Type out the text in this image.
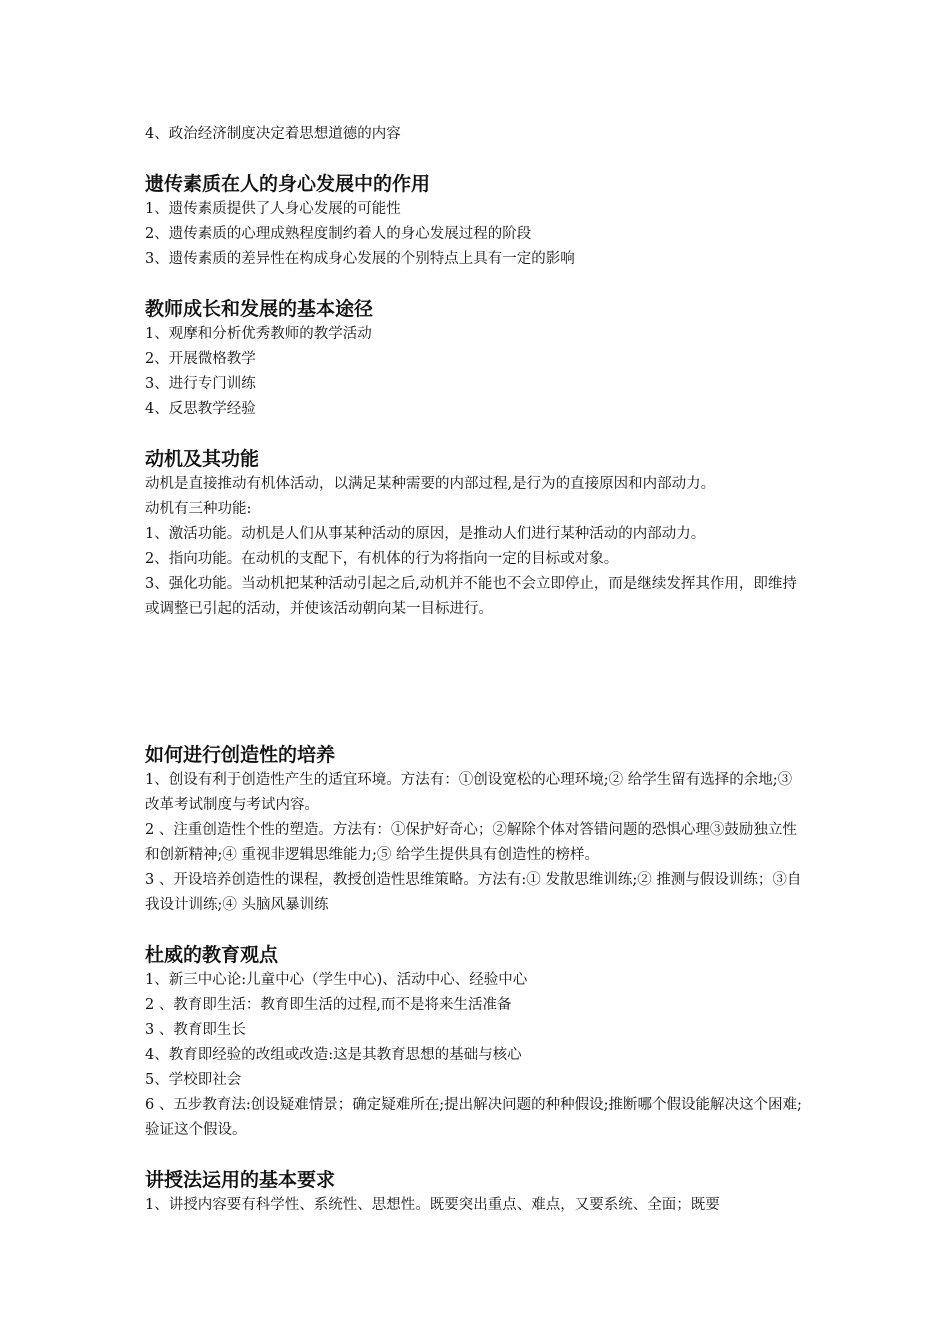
4、政治经济制度决定着思想道德的内容

遗传素质在人的身心发展中的作用

1、遗传素质提供了人身心发展的可能性

2、遗传素质的心理成熟程度制约着人的身心发展过程的阶段

3、遗传素质的差异性在构成身心发展的个别特点上具有一定的影响

教师成长和发展的基本途径

1、观摩和分析优秀教师的教学活动

2、开展微格教学

3、进行专门训练

4、反思教学经验

动机及其功能

动机是直接推动有机体活动，以满足某种需要的内部过程,是行为的直接原因和内部动力。

动机有三种功能:

1、激活功能。动机是人们从事某种活动的原因，是推动人们进行某种活动的内部动力。

2、指向功能。在动机的支配下，有机体的行为将指向一定的目标或对象。

3、强化功能。当动机把某种活动引起之后,动机并不能也不会立即停止，而是继续发挥其作用，即维持或调整已引起的活动，并使该活动朝向某一目标进行。

如何进行创造性的培养

1、创设有利于创造性产生的适宜环境。方法有：①创设宽松的心理环境;② 给学生留有选择的余地;③ 改革考试制度与考试内容。

2 、注重创造性个性的塑造。方法有：①保护好奇心；②解除个体对答错问题的恐惧心理③鼓励独立性和创新精神;④ 重视非逻辑思维能力;⑤ 给学生提供具有创造性的榜样。

3 、开设培养创造性的课程，教授创造性思维策略。方法有:① 发散思维训练;② 推测与假设训练；③自我设计训练;④ 头脑风暴训练

杜威的教育观点

1、新三中心论:儿童中心（学生中心)、活动中心、经验中心

2 、教育即生活：教育即生活的过程,而不是将来生活准备

3 、教育即生长

4、教育即经验的改组或改造:这是其教育思想的基础与核心

5、学校即社会

6 、五步教育法:创设疑难情景；确定疑难所在;提出解决问题的种种假设;推断哪个假设能解决这个困难;验证这个假设。

讲授法运用的基本要求

1、讲授内容要有科学性、系统性、思想性。既要突出重点、难点，又要系统、全面；既要
